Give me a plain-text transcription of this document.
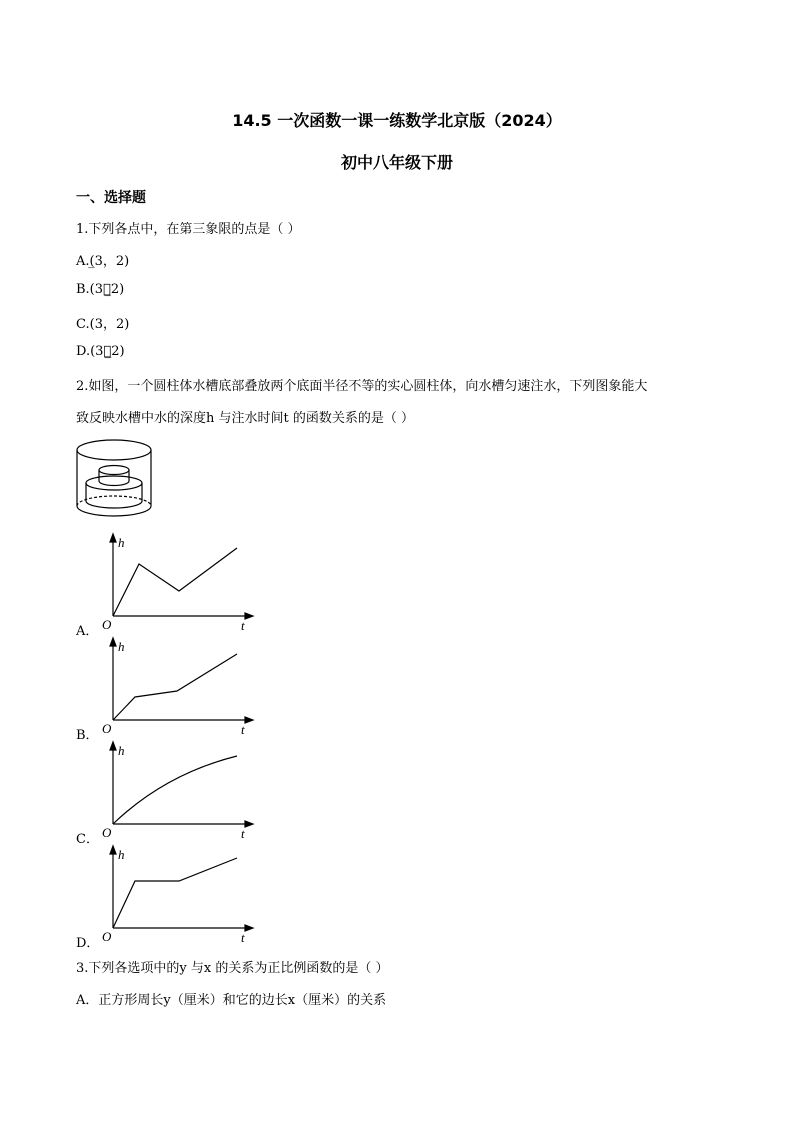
14.5 一次函数一课一练数学北京版（2024）
初中八年级下册
一、选择题
1.下列各点中，在第三象限的点是（ ）
A.(̲3，2)
B.(3，̲2)
C.(3，2)
D.(3，̲2)
2.如图，一个圆柱体水槽底部叠放两个底面半径不等的实心圆柱体，向水槽匀速注水，下列图象能大
致反映水槽中水的深度h 与注水时间t 的函数关系的是（ ）
A．
h
t
O
B．
h
t
O
C．
h
t
O
D．
h
t
O
3.下列各选项中的y 与x 的关系为正比例函数的是（ ）
A．正方形周长y（厘米）和它的边长x（厘米）的关系
